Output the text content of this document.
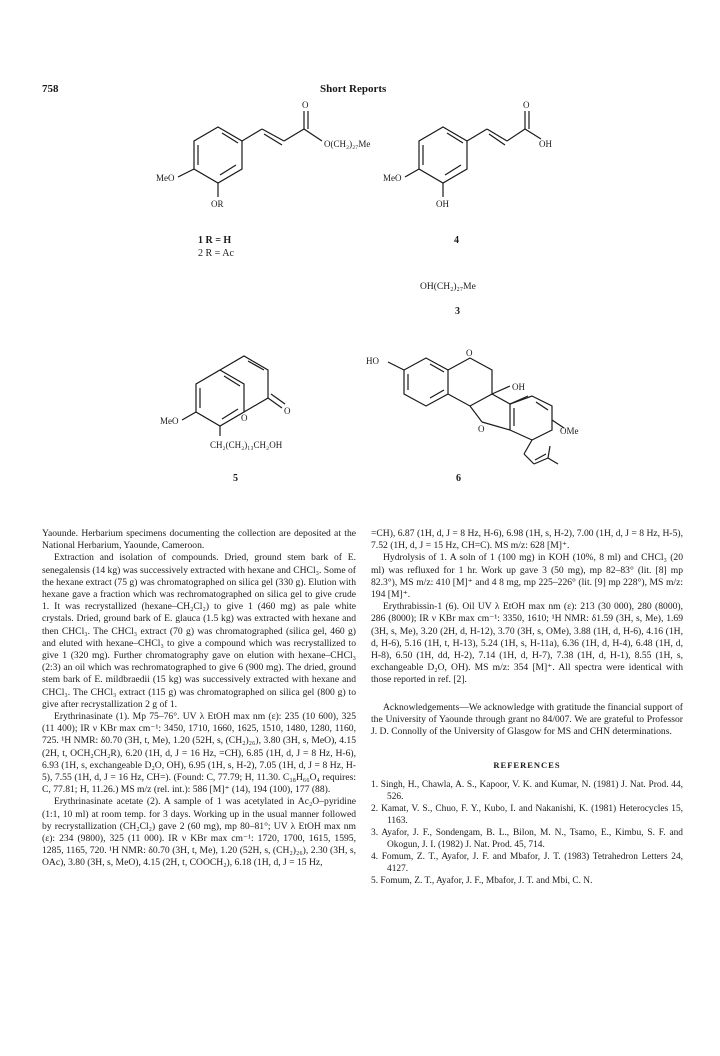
758	Short Reports
O
O(CH₂)₂₇Me
MeO
OR
1 R = H
2 R = Ac
O
OH
MeO
OH
4
OH(CH₂)₂₇Me
3
O
O
MeO
CH₂(CH₂)₁₃CH₂OH
5
HO
OH
O
O	OMe
6

Yaounde. Herbarium specimens documenting the collection are deposited at the National Herbarium, Yaounde, Cameroon.

Extraction and isolation of compounds. Dried, ground stem bark of E. senegalensis (14 kg) was successively extracted with hexane and CHCl₃. Some of the hexane extract (75 g) was chromatographed on silica gel (330 g). Elution with hexane gave a fraction which was rechromatographed on silica gel to give crude 1. It was recrystallized (hexane–CH₂Cl₂) to give 1 (460 mg) as pale white crystals. Dried, ground bark of E. glauca (1.5 kg) was extracted with hexane and then CHCl₃. The CHCl₃ extract (70 g) was chromatographed (silica gel, 460 g) and eluted with hexane–CHCl₃ to give a compound which was recrystallized to give 1 (320 mg). Further chromatography gave on elution with hexane–CHCl₃ (2:3) an oil which was rechromatographed to give 6 (900 mg). The dried, ground stem bark of E. mildbraedii (15 kg) was successively extracted with hexane and CHCl₃. The CHCl₃ extract (115 g) was chromatographed on silica gel (800 g) to give after recrystallization 2 g of 1.

Erythrinasinate (1). Mp 75–76°. UV λ EtOH max nm (ε): 235 (10 600), 325 (11 400); IR ν KBr max cm⁻¹: 3450, 1710, 1660, 1625, 1510, 1480, 1280, 1160, 725. ¹H NMR: δ0.70 (3H, t, Me), 1.20 (52H, s, (CH₂)₂₆), 3.80 (3H, s, MeO), 4.15 (2H, t, OCH₂CH₂R), 6.20 (1H, d, J = 16 Hz, =CH), 6.85 (1H, d, J = 8 Hz, H-6), 6.93 (1H, s, exchangeable D₂O, OH), 6.95 (1H, s, H-2), 7.05 (1H, d, J = 8 Hz, H-5), 7.55 (1H, d, J = 16 Hz, CH=). (Found: C, 77.79; H, 11.30. C₃₈H₆₆O₄ requires: C, 77.81; H, 11.26.) MS m/z (rel. int.): 586 [M]⁺ (14), 194 (100), 177 (88).

Erythrinasinate acetate (2). A sample of 1 was acetylated in Ac₂O–pyridine (1:1, 10 ml) at room temp. for 3 days. Working up in the usual manner followed by recrystallization (CH₂Cl₂) gave 2 (60 mg), mp 80–81°; UV λ EtOH max nm (ε): 234 (9800), 325 (11 000). IR ν KBr max cm⁻¹: 1720, 1700, 1615, 1595, 1285, 1165, 720. ¹H NMR: δ0.70 (3H, t, Me), 1.20 (52H, s, (CH₂)₂₆), 2.30 (3H, s, OAc), 3.80 (3H, s, MeO), 4.15 (2H, t, COOCH₂), 6.18 (1H, d, J = 15 Hz,

=CH), 6.87 (1H, d, J = 8 Hz, H-6), 6.98 (1H, s, H-2), 7.00 (1H, d, J = 8 Hz, H-5), 7.52 (1H, d, J = 15 Hz, CH=C). MS m/z: 628 [M]⁺.

Hydrolysis of 1. A soln of 1 (100 mg) in KOH (10%, 8 ml) and CHCl₃ (20 ml) was refluxed for 1 hr. Work up gave 3 (50 mg), mp 82–83° (lit. [8] mp 82.3°), MS m/z: 410 [M]⁺ and 4 8 mg, mp 225–226° (lit. [9] mp 228°), MS m/z: 194 [M]⁺.

Erythrabissin-1 (6). Oil UV λ EtOH max nm (ε): 213 (30 000), 280 (8000), 286 (8000); IR ν KBr max cm⁻¹: 3350, 1610; ¹H NMR: δ1.59 (3H, s, Me), 1.69 (3H, s, Me), 3.20 (2H, d, H-12), 3.70 (3H, s, OMe), 3.88 (1H, d, H-6), 4.16 (1H, d, H-6), 5.16 (1H, t, H-13), 5.24 (1H, s, H-11a), 6.36 (1H, d, H-4), 6.48 (1H, d, H-8), 6.50 (1H, dd, H-2), 7.14 (1H, d, H-7), 7.38 (1H, d, H-1), 8.55 (1H, s, exchangeable D₂O, OH). MS m/z: 354 [M]⁺. All spectra were identical with those reported in ref. [2].

Acknowledgements—We acknowledge with gratitude the financial support of the University of Yaounde through grant no 84/007. We are grateful to Professor J. D. Connolly of the University of Glasgow for MS and CHN determinations.

REFERENCES

1. Singh, H., Chawla, A. S., Kapoor, V. K. and Kumar, N. (1981) J. Nat. Prod. 44, 526.

2. Kamat, V. S., Chuo, F. Y., Kubo, I. and Nakanishi, K. (1981) Heterocycles 15, 1163.

3. Ayafor, J. F., Sondengam, B. L., Bilon, M. N., Tsamo, E., Kimbu, S. F. and Okogun, J. I. (1982) J. Nat. Prod. 45, 714.

4. Fomum, Z. T., Ayafor, J. F. and Mbafor, J. T. (1983) Tetrahedron Letters 24, 4127.

5. Fomum, Z. T., Ayafor, J. F., Mbafor, J. T. and Mbi, C. N.
